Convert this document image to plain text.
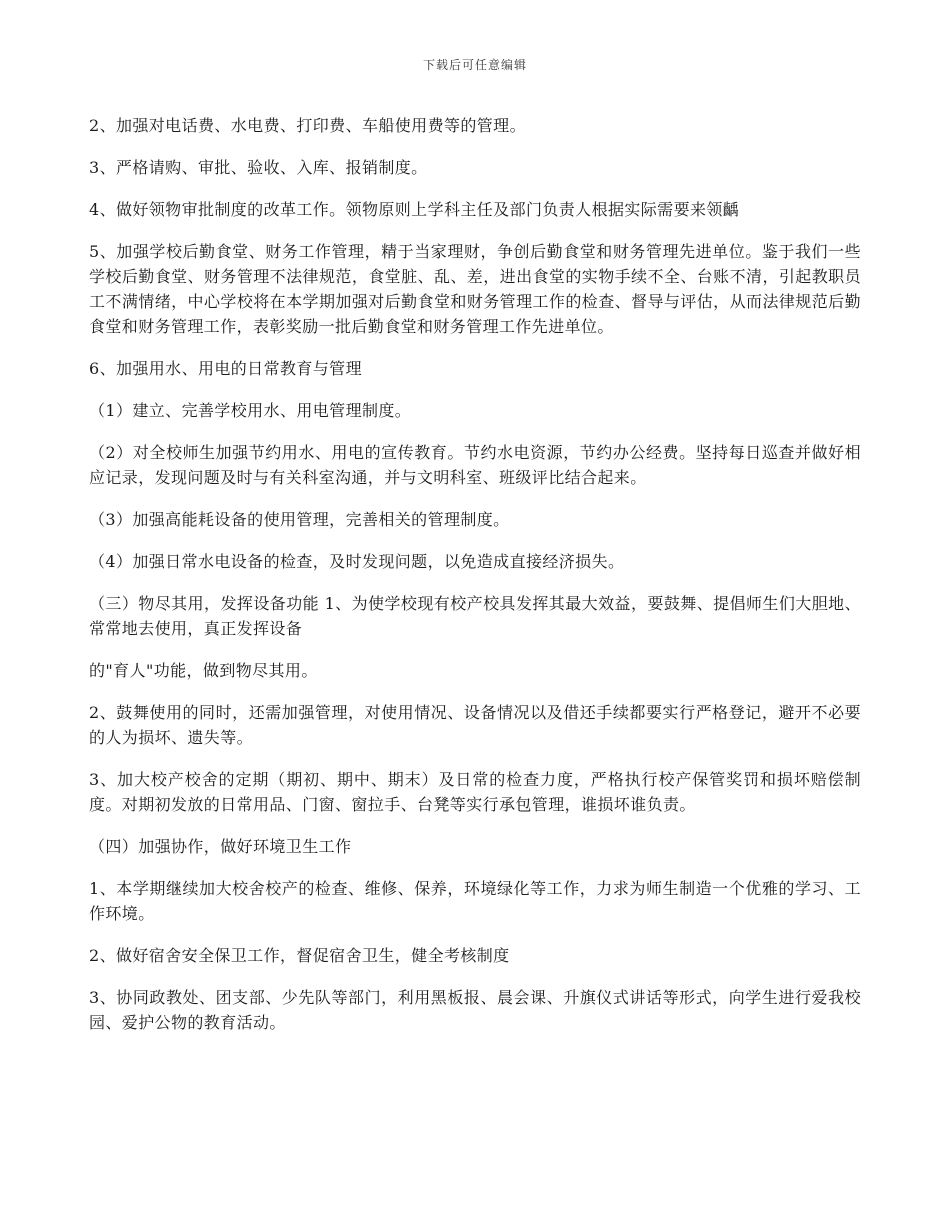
下载后可任意编辑

2、加强对电话费、水电费、打印费、车船使用费等的管理。

3、严格请购、审批、验收、入库、报销制度。

4、做好领物审批制度的改革工作。领物原则上学科主任及部门负责人根据实际需要来领齲

5、加强学校后勤食堂、财务工作管理，精于当家理财，争创后勤食堂和财务管理先进单位。鉴于我们一些学校后勤食堂、财务管理不法律规范，食堂脏、乱、差，进出食堂的实物手续不全、台账不清，引起教职员工不满情绪，中心学校将在本学期加强对后勤食堂和财务管理工作的检查、督导与评估，从而法律规范后勤食堂和财务管理工作，表彰奖励一批后勤食堂和财务管理工作先进单位。

6、加强用水、用电的日常教育与管理

（1）建立、完善学校用水、用电管理制度。

（2）对全校师生加强节约用水、用电的宣传教育。节约水电资源，节约办公经费。坚持每日巡查并做好相应记录，发现问题及时与有关科室沟通，并与文明科室、班级评比结合起来。

（3）加强高能耗设备的使用管理，完善相关的管理制度。

（4）加强日常水电设备的检查，及时发现问题，以免造成直接经济损失。

（三）物尽其用，发挥设备功能 1、为使学校现有校产校具发挥其最大效益，要鼓舞、提倡师生们大胆地、常常地去使用，真正发挥设备

的"育人"功能，做到物尽其用。

2、鼓舞使用的同时，还需加强管理，对使用情况、设备情况以及借还手续都要实行严格登记，避开不必要的人为损坏、遗失等。

3、加大校产校舍的定期（期初、期中、期末）及日常的检查力度，严格执行校产保管奖罚和损坏赔偿制度。对期初发放的日常用品、门窗、窗拉手、台凳等实行承包管理，谁损坏谁负责。

（四）加强协作，做好环境卫生工作

1、本学期继续加大校舍校产的检查、维修、保养，环境绿化等工作，力求为师生制造一个优雅的学习、工作环境。

2、做好宿舍安全保卫工作，督促宿舍卫生，健全考核制度

3、协同政教处、团支部、少先队等部门，利用黑板报、晨会课、升旗仪式讲话等形式，向学生进行爱我校园、爱护公物的教育活动。
